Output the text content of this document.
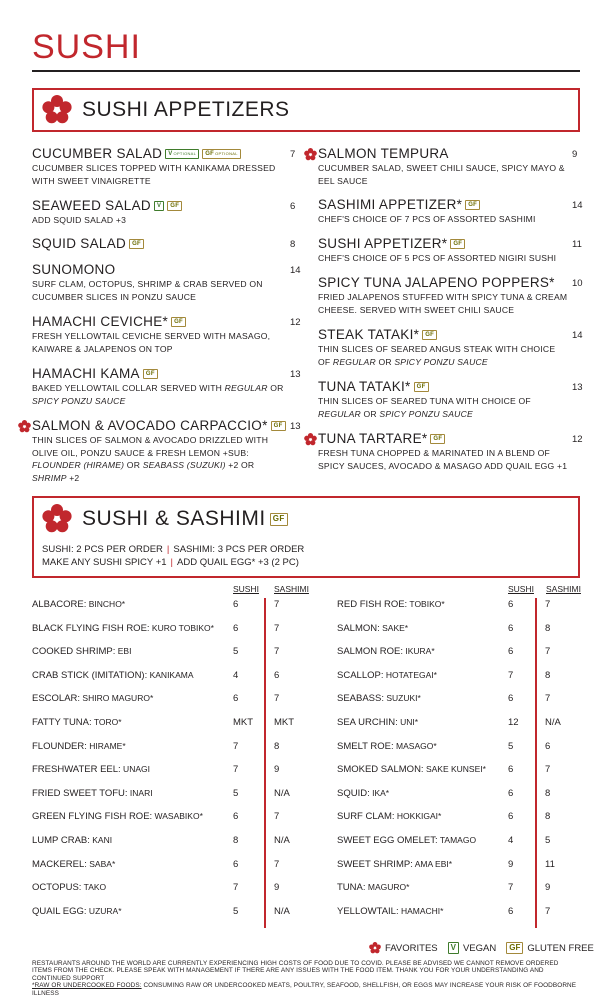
SUSHI
* SUSHI APPETIZERS
CUCUMBER SALAD V OPTIONAL GF OPTIONAL
CUCUMBER SLICES TOPPED WITH KANIKAMA DRESSED WITH SWEET VINAIGRETTE
7
SEAWEED SALAD V GF
ADD SQUID SALAD +3
6
SQUID SALAD GF	8
SUNOMONO
SURF CLAM, OCTOPUS, SHRIMP & CRAB SERVED ON CUCUMBER SLICES IN PONZU SAUCE
14
HAMACHI CEVICHE* GF
FRESH YELLOWTAIL CEVICHE SERVED WITH MASAGO, KAIWARE & JALAPENOS ON TOP
12
HAMACHI KAMA GF
BAKED YELLOWTAIL COLLAR SERVED WITH REGULAR OR SPICY PONZU SAUCE
13
SALMON & AVOCADO CARPACCIO* GF
THIN SLICES OF SALMON & AVOCADO DRIZZLED WITH OLIVE OIL, PONZU SAUCE & FRESH LEMON +SUB: FLOUNDER (HIRAME) OR SEABASS (SUZUKI) +2 OR SHRIMP +2
13
SALMON TEMPURA
CUCUMBER SALAD, SWEET CHILI SAUCE, SPICY MAYO & EEL SAUCE
9
SASHIMI APPETIZER* GF
CHEF'S CHOICE OF 7 PCS OF ASSORTED SASHIMI
14
SUSHI APPETIZER* GF
CHEF'S CHOICE OF 5 PCS OF ASSORTED NIGIRI SUSHI
11
SPICY TUNA JALAPENO POPPERS*
FRIED JALAPENOS STUFFED WITH SPICY TUNA & CREAM CHEESE. SERVED WITH SWEET CHILI SAUCE
10
STEAK TATAKI* GF
THIN SLICES OF SEARED ANGUS STEAK WITH CHOICE OF REGULAR OR SPICY PONZU SAUCE
14
TUNA TATAKI* GF
THIN SLICES OF SEARED TUNA WITH CHOICE OF REGULAR OR SPICY PONZU SAUCE
13
TUNA TARTARE* GF
FRESH TUNA CHOPPED & MARINATED IN A BLEND OF SPICY SAUCES, AVOCADO & MASAGO ADD QUAIL EGG +1
12
* SUSHI & SASHIMI GF
SUSHI: 2 PCS PER ORDER | SASHIMI: 3 PCS PER ORDER
MAKE ANY SUSHI SPICY +1 | ADD QUAIL EGG* +3 (2 PC)
SUSHI SASHIMI	SUSHI SASHIMI
ALBACORE: BINCHO*	6	7
BLACK FLYING FISH ROE: KURO TOBIKO* 6	7
COOKED SHRIMP: EBI	5	7
CRAB STICK (IMITATION): KANIKAMA	4	6
ESCOLAR: SHIRO MAGURO*	6	7
FATTY TUNA: TORO*	MKT MKT
FLOUNDER: HIRAME*	7	8
FRESHWATER EEL: UNAGI	7	9
FRIED SWEET TOFU: INARI	5	N/A
GREEN FLYING FISH ROE: WASABIKO*	6	7
LUMP CRAB: KANI	8	N/A
MACKEREL: SABA*	6	7
OCTOPUS: TAKO	7	9
QUAIL EGG: UZURA*	5	N/A
RED FISH ROE: TOBIKO*	6	7
SALMON: SAKE*	6	8
SALMON ROE: IKURA*	6	7
SCALLOP: HOTATEGAI*	7	8
SEABASS: SUZUKI*	6	7
SEA URCHIN: UNI*	12	N/A
SMELT ROE: MASAGO*	5	6
SMOKED SALMON: SAKE KUNSEI* 6	7
SQUID: IKA*	6	8
SURF CLAM: HOKKIGAI*	6	8
SWEET EGG OMELET: TAMAGO	4	5
SWEET SHRIMP: AMA EBI*	9	11
TUNA: MAGURO*	7	9
YELLOWTAIL: HAMACHI*	6	7
FAVORITES	V VEGAN	GF GLUTEN FREE
RESTAURANTS AROUND THE WORLD ARE CURRENTLY EXPERIENCING HIGH COSTS OF FOOD DUE TO COVID. PLEASE BE ADVISED WE CANNOT REMOVE ORDERED ITEMS FROM THE CHECK. PLEASE SPEAK WITH MANAGEMENT IF THERE ARE ANY ISSUES WITH THE FOOD ITEM. THANK YOU FOR YOUR UNDERSTANDING AND CONTINUED SUPPORT
*RAW OR UNDERCOOKED FOODS: CONSUMING RAW OR UNDERCOOKED MEATS, POULTRY, SEAFOOD, SHELLFISH, OR EGGS MAY INCREASE YOUR RISK OF FOODBORNE ILLNESS
